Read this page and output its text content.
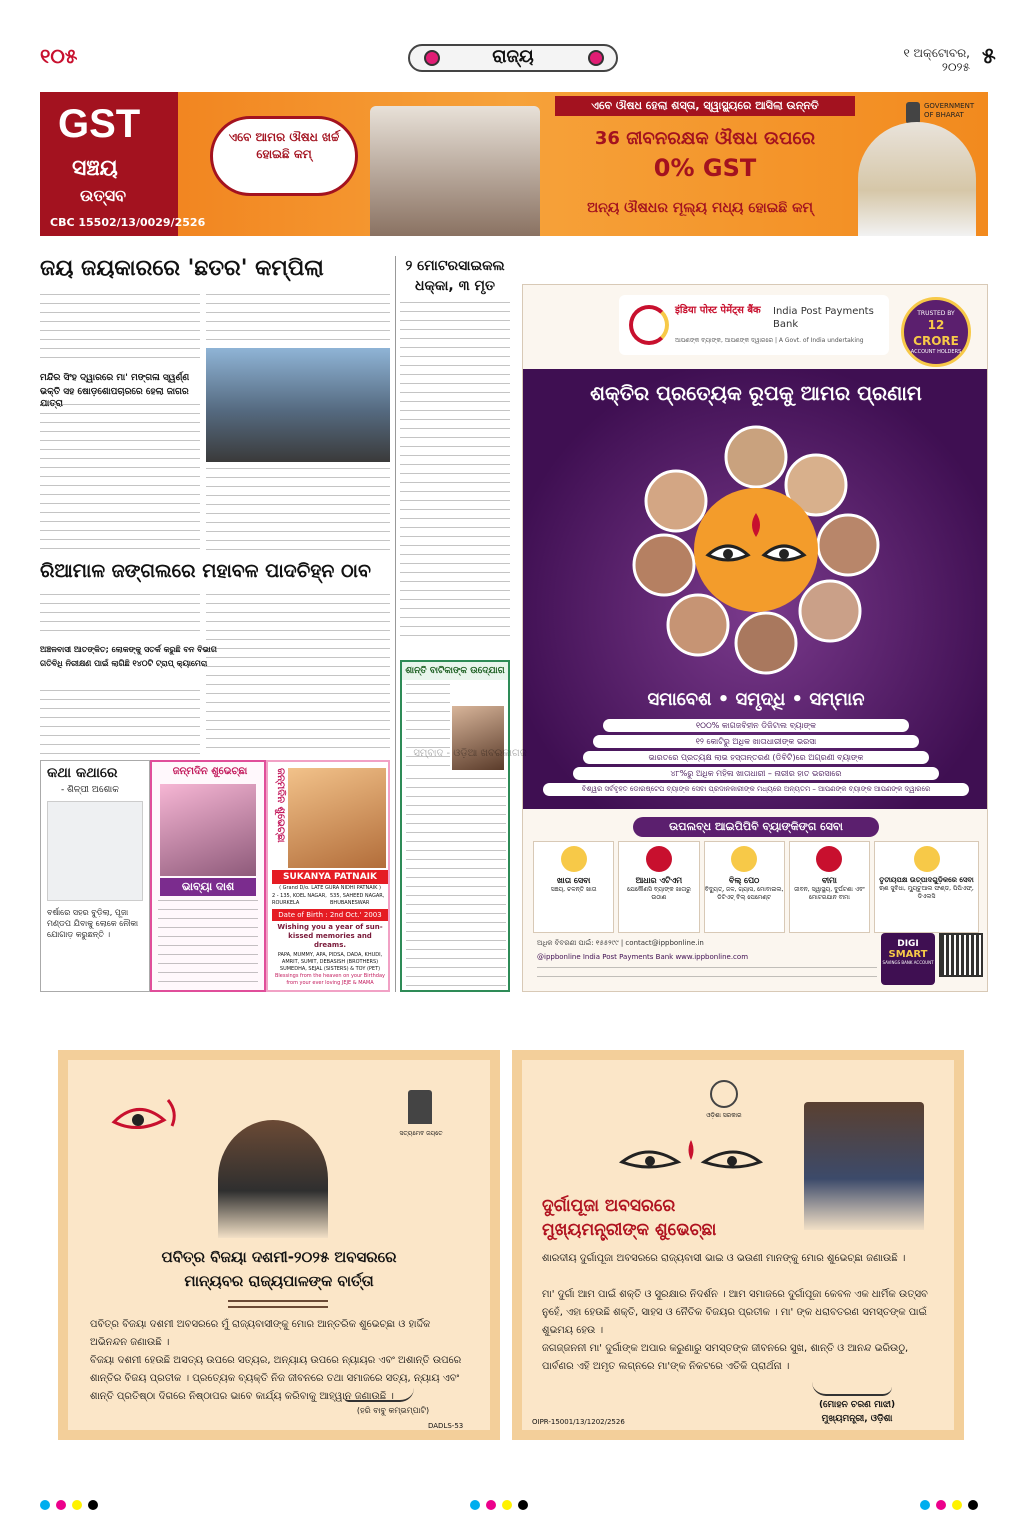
୧୦୫	ରାଜ୍ୟ	୧ ଅକ୍ଟୋବର,
୨୦୨୫ ୫
GST
ସଞ୍ଚୟ
ଉତ୍ସବ
CBC 15502/13/0029/2526
ଏବେ ଆମର ଔଷଧ ଖର୍ଚ୍ଚ ହୋଇଛି କମ୍
ଏବେ ଔଷଧ ହେଲା ଶସ୍ତା, ସ୍ୱାସ୍ଥ୍ୟରେ ଆସିଲା ଉନ୍ନତି
36 ଜୀବନରକ୍ଷକ ଔଷଧ ଉପରେ
0% GST
ଅନ୍ୟ ଔଷଧର ମୂଲ୍ୟ ମଧ୍ୟ ହୋଇଛି କମ୍
GOVERNMENT OF BHARAT
ଜୟ ଜୟକାରରେ 'ଛତର' କମ୍ପିଲା
ମନ୍ଦିର ସିଂହ ଦ୍ୱାରରେ ମା' ମଙ୍ଗଳା ସ୍ୱର୍ଣ୍ଣ
ଭକ୍ତି ସହ ଷୋଡ଼ଶୋପଚାରରେ ହେଲା ଜାଗର ଯାତ୍ରା
ରିଆମାଳ ଜଙ୍ଗଲରେ ମହାବଳ ପାଦଚିହ୍ନ ଠାବ
ଅଞ୍ଚଳବାସୀ ଆତଙ୍କିତ; ଲୋକଙ୍କୁ ସତର୍କ କରୁଛି ବନ ବିଭାଗ
ଗତିବିଧି ନିରୀକ୍ଷଣ ପାଇଁ ଲାଗିଛି ୧୪୦ଟି ଟ୍ରାପ୍ କ୍ୟାମେରା
କଥା କଥାରେ
- ଶିଳ୍ପୀ ଅଶୋକ
ବର୍ଷାରେ ସହର ବୁଡ଼ିଲା, ପୂଜା ମଣ୍ଡପ ଯିବାକୁ ଲୋକେ ନୌକା ଯୋଗାଡ଼ କରୁଛନ୍ତି ।
ଜନ୍ମଦିନ ଶୁଭେଚ୍ଛା
ଭାବ୍ୟା ଦାଶ
ଜନ୍ମଦିନ ଶୁଭେଚ୍ଛା
SUKANYA PATNAIK
( Grand D/o. LATE GURA NIDHI PATNAIK )
2 - 135, KOEL NAGAR, ROURKELA
535, SAHEED NAGAR, BHUBANESWAR
Date of Birth : 2nd Oct.' 2003
Wishing you a year of sun-kissed memories and dreams.
PAPA, MUMMY, APA, PIDSA, DADA, KHUDI, AMRIT, SUMIT, DEBASISH (BROTHERS) SUMEDHA, SEJAL (SISTERS) & TOY (PET)
Blessings from the heaven on your Birthday from your ever loving JEJE & MAMA
୨ ମୋଟରସାଇକଲ ଧକ୍କା, ୩ ମୃତ
ଶାନ୍ତି ବାଟିକାଙ୍କ ଉଦ୍ଯୋଗ
इंडिया पोस्ट पेमेंट्स बैंक	India Post Payments Bank
ଆପଣଙ୍କ ବ୍ୟାଙ୍କ, ଆପଣଙ୍କ ଦ୍ୱାରରେ | A Govt. of India undertaking
TRUSTED BY
12 CRORE
ACCOUNT HOLDERS
ଶକ୍ତିର ପ୍ରତ୍ୟେକ ରୂପକୁ ଆମର ପ୍ରଣାମ
ସମାବେଶ • ସମୃଦ୍ଧି • ସମ୍ମାନ
୧୦୦% କାଗଜବିହୀନ ଡିଜିଟାଲ ବ୍ୟାଙ୍କ
୧୨ କୋଟିରୁ ଅଧିକ ଖାତାଧାରୀଙ୍କ ଭରସା
ଭାରତରେ ପ୍ରତ୍ୟକ୍ଷ ଲାଭ ହସ୍ତାନ୍ତରଣ (ଡିବିଟି)ରେ ଅଗ୍ରଣୀ ବ୍ୟାଙ୍କ
୪୮%ରୁ ଅଧିକ ମହିଳା ଖାତାଧାରୀ – ନାରୀର ହାତ ଭରସାରେ
ବିଶ୍ୱର ସର୍ବବୃହତ ଡୋରଷ୍ଟେପ ବ୍ୟାଙ୍କ ସେବା ପ୍ରଦାନକାରୀଙ୍କ ମଧ୍ୟରେ ଅନ୍ୟତମ – ଆପଣଙ୍କ ବ୍ୟାଙ୍କ ଆପଣଙ୍କ ଦ୍ୱାରରେ
ଉପଲବ୍ଧ ଆଇପିପିବି ବ୍ୟାଙ୍କିଙ୍ଗ ସେବା
ଖାତା ସେବା
ସଞ୍ଚୟ, ଚଳନ୍ତି ଖାତା
ଆଧାର ଏଟିଏମ
ଯେକୌଣସି ବ୍ୟାଙ୍କ ଖାତାରୁ ଉଠାଣ
ବିଲ୍ ପେଠ
ବିଦ୍ୟୁତ୍, ଜଳ, ଗ୍ୟାସ, ମୋବାଇଲ, ଡିଟିଏଚ୍ ବିଲ୍ ପେମେଣ୍ଟ
ବୀମା
ଜୀବନ, ସ୍ୱାସ୍ଥ୍ୟ, ଦୁର୍ଘଟଣା ଏବଂ ମୋଟରଯାନ ବୀମା
ତୃତୀୟପକ୍ଷ ଉତ୍ପାଦଗୁଡ଼ିକରେ ସେବା
ଋଣ ସୁବିଧା, ମ୍ୟୁଚୁଆଲ ଫଣ୍ଡ, ପିପିଏଫ୍, ଡିଏଲସି
ଅଧିକ ବିବରଣୀ ପାଇଁ: ୧୫୫୨୯୯ | contact@ippbonline.in
@ippbonline India Post Payments Bank www.ippbonline.com
DIGI
SMART
SAVINGS BANK ACCOUNT
ସମ୍ବାଦ - ଓଡ଼ିଆ ଖବରକାଗଜ
ସତ୍ୟମେବ ଜୟତେ
ପବିତ୍ର ବିଜୟା ଦଶମୀ-୨୦୨୫ ଅବସରରେ
ମାନ୍ୟବର ରାଜ୍ୟପାଳଙ୍କ ବାର୍ତ୍ତା
ପବିତ୍ର ବିଜୟା ଦଶମୀ ଅବସରରେ ମୁଁ ରାଜ୍ୟବାସୀଙ୍କୁ ମୋର ଆନ୍ତରିକ ଶୁଭେଚ୍ଛା ଓ ହାର୍ଦ୍ଦିକ ଅଭିନନ୍ଦନ ଜଣାଉଛି ।
ବିଜୟା ଦଶମୀ ହେଉଛି ଅସତ୍ୟ ଉପରେ ସତ୍ୟର, ଅନ୍ୟାୟ ଉପରେ ନ୍ୟାୟର ଏବଂ ଅଶାନ୍ତି ଉପରେ ଶାନ୍ତିର ବିଜୟ ପ୍ରତୀକ । ପ୍ରତ୍ୟେକ ବ୍ୟକ୍ତି ନିଜ ଜୀବନରେ ତଥା ସମାଜରେ ସତ୍ୟ, ନ୍ୟାୟ ଏବଂ ଶାନ୍ତି ପ୍ରତିଷ୍ଠା ଦିଗରେ ନିଷ୍ଠାପର ଭାବେ କାର୍ଯ୍ୟ କରିବାକୁ ଆହ୍ୱାନ ଜଣାଉଛି ।
(ହରି ବାବୁ କମ୍ଭମ୍ପାଟି)
DADLS-53
ଓଡ଼ିଶା ସରକାର
ଦୁର୍ଗାପୂଜା ଅବସରରେ
ମୁଖ୍ୟମନ୍ତ୍ରୀଙ୍କ ଶୁଭେଚ୍ଛା
ଶାରଦୀୟ ଦୁର୍ଗାପୂଜା ଅବସରରେ ରାଜ୍ୟବାସୀ ଭାଇ ଓ ଭଉଣୀ ମାନଙ୍କୁ ମୋର ଶୁଭେଚ୍ଛା ଜଣାଉଛି ।
ମା' ଦୁର୍ଗା ଆମ ପାଇଁ ଶକ୍ତି ଓ ସୁରକ୍ଷାର ନିଦର୍ଶନ । ଆମ ସମାଜରେ ଦୁର୍ଗାପୂଜା କେବଳ ଏକ ଧାର୍ମିକ ଉତ୍ସବ ନୁହେଁ, ଏହା ହେଉଛି ଶକ୍ତି, ସାହସ ଓ ନୈତିକ ବିଜୟର ପ୍ରତୀକ । ମା' ଙ୍କ ଧରାବତରଣ ସମସ୍ତଙ୍କ ପାଇଁ ଶୁଭମୟ ହେଉ ।
ଜଗଜ୍ଜନନୀ ମା' ଦୁର୍ଗାଙ୍କ ଅପାର କରୁଣାରୁ ସମସ୍ତଙ୍କ ଜୀବନରେ ସୁଖ, ଶାନ୍ତି ଓ ଆନନ୍ଦ ଭରିଉଠୁ, ପାର୍ବଣର ଏହି ଅମୃତ ଲଗ୍ନରେ ମା'ଙ୍କ ନିକଟରେ ଏତିକି ପ୍ରାର୍ଥନା ।
(ମୋହନ ଚରଣ ମାଝୀ)
ମୁଖ୍ୟମନ୍ତ୍ରୀ, ଓଡ଼ିଶା
OIPR-15001/13/1202/2526
